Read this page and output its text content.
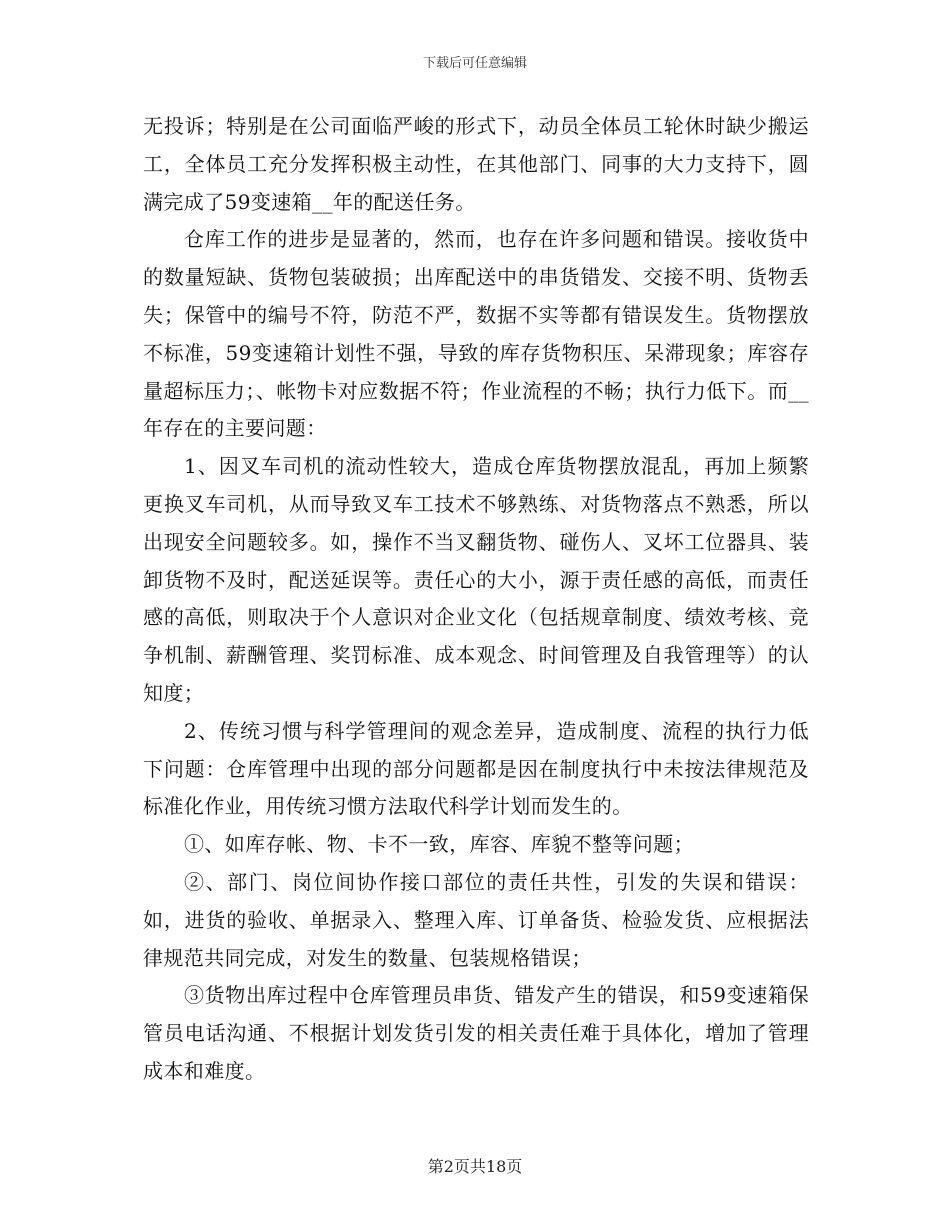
下载后可任意编辑

无投诉；特别是在公司面临严峻的形式下，动员全体员工轮休时缺少搬运工，全体员工充分发挥积极主动性，在其他部门、同事的大力支持下，圆满完成了59变速箱__年的配送任务。

仓库工作的进步是显著的，然而，也存在许多问题和错误。接收货中的数量短缺、货物包装破损；出库配送中的串货错发、交接不明、货物丢失；保管中的编号不符，防范不严，数据不实等都有错误发生。货物摆放不标准，59变速箱计划性不强，导致的库存货物积压、呆滞现象；库容存量超标压力；、帐物卡对应数据不符；作业流程的不畅；执行力低下。而__年存在的主要问题：

1、因叉车司机的流动性较大，造成仓库货物摆放混乱，再加上频繁更换叉车司机，从而导致叉车工技术不够熟练、对货物落点不熟悉，所以出现安全问题较多。如，操作不当叉翻货物、碰伤人、叉坏工位器具、装卸货物不及时，配送延误等。责任心的大小，源于责任感的高低，而责任感的高低，则取决于个人意识对企业文化（包括规章制度、绩效考核、竞争机制、薪酬管理、奖罚标准、成本观念、时间管理及自我管理等）的认知度；

2、传统习惯与科学管理间的观念差异，造成制度、流程的执行力低下问题：仓库管理中出现的部分问题都是因在制度执行中未按法律规范及标准化作业，用传统习惯方法取代科学计划而发生的。

①、如库存帐、物、卡不一致，库容、库貌不整等问题；

②、部门、岗位间协作接口部位的责任共性，引发的失误和错误：如，进货的验收、单据录入、整理入库、订单备货、检验发货、应根据法律规范共同完成，对发生的数量、包装规格错误；

③货物出库过程中仓库管理员串货、错发产生的错误，和59变速箱保管员电话沟通、不根据计划发货引发的相关责任难于具体化，增加了管理成本和难度。

第2页共18页
